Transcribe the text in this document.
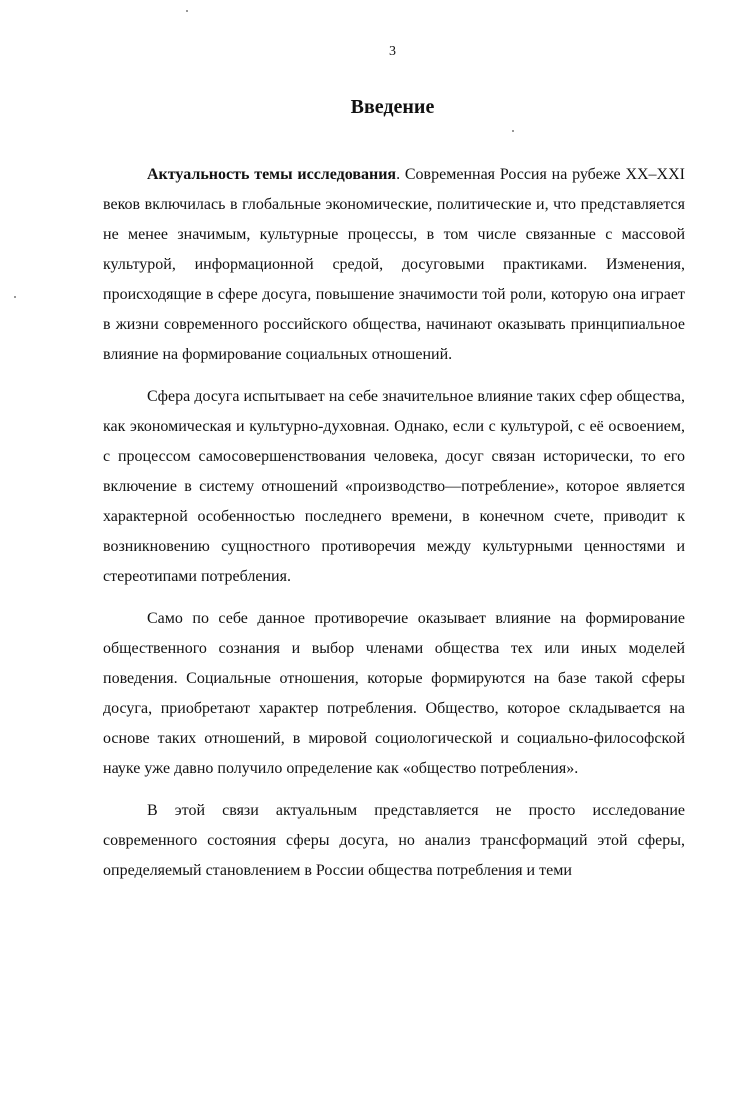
3
Введение

Актуальность темы исследования. Современная Россия на рубеже XX–XXI веков включилась в глобальные экономические, политические и, что представляется не менее значимым, культурные процессы, в том числе связанные с массовой культурой, информационной средой, досуговыми практиками. Изменения, происходящие в сфере досуга, повышение значимости той роли, которую она играет в жизни современного российского общества, начинают оказывать принципиальное влияние на формирование социальных отношений.

Сфера досуга испытывает на себе значительное влияние таких сфер общества, как экономическая и культурно-духовная. Однако, если с культурой, с её освоением, с процессом самосовершенствования человека, досуг связан исторически, то его включение в систему отношений «производство—потребление», которое является характерной особенностью последнего времени, в конечном счете, приводит к возникновению сущностного противоречия между культурными ценностями и стереотипами потребления.

Само по себе данное противоречие оказывает влияние на формирование общественного сознания и выбор членами общества тех или иных моделей поведения. Социальные отношения, которые формируются на базе такой сферы досуга, приобретают характер потребления. Общество, которое складывается на основе таких отношений, в мировой социологической и социально-философской науке уже давно получило определение как «общество потребления».

В этой связи актуальным представляется не просто исследование современного состояния сферы досуга, но анализ трансформаций этой сферы, определяемый становлением в России общества потребления и теми
